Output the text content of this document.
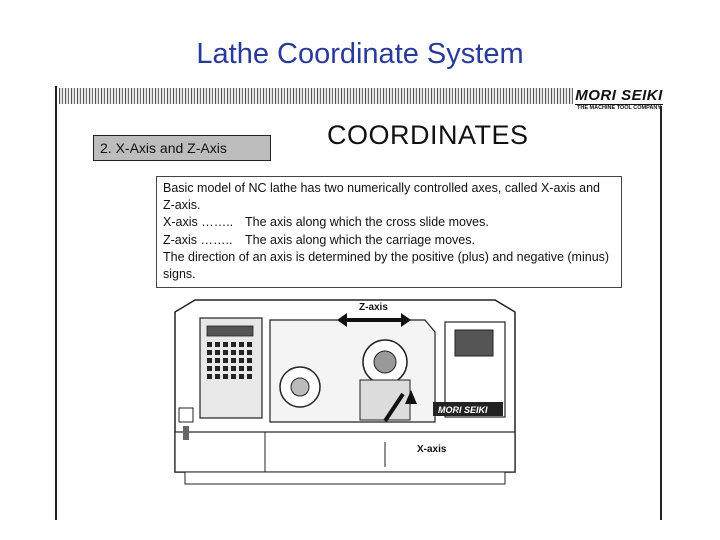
Lathe Coordinate System
MORI SEIKI
THE MACHINE TOOL COMPANY
2. X-Axis and Z-Axis	COORDINATES
Basic model of NC lathe has two numerically controlled axes, called X-axis and Z-axis.
X-axis …….. The axis along which the cross slide moves.
Z-axis …….. The axis along which the carriage moves.
The direction of an axis is determined by the positive (plus) and negative (minus) signs.
MORI SEIKI
Z-axis
X-axis
